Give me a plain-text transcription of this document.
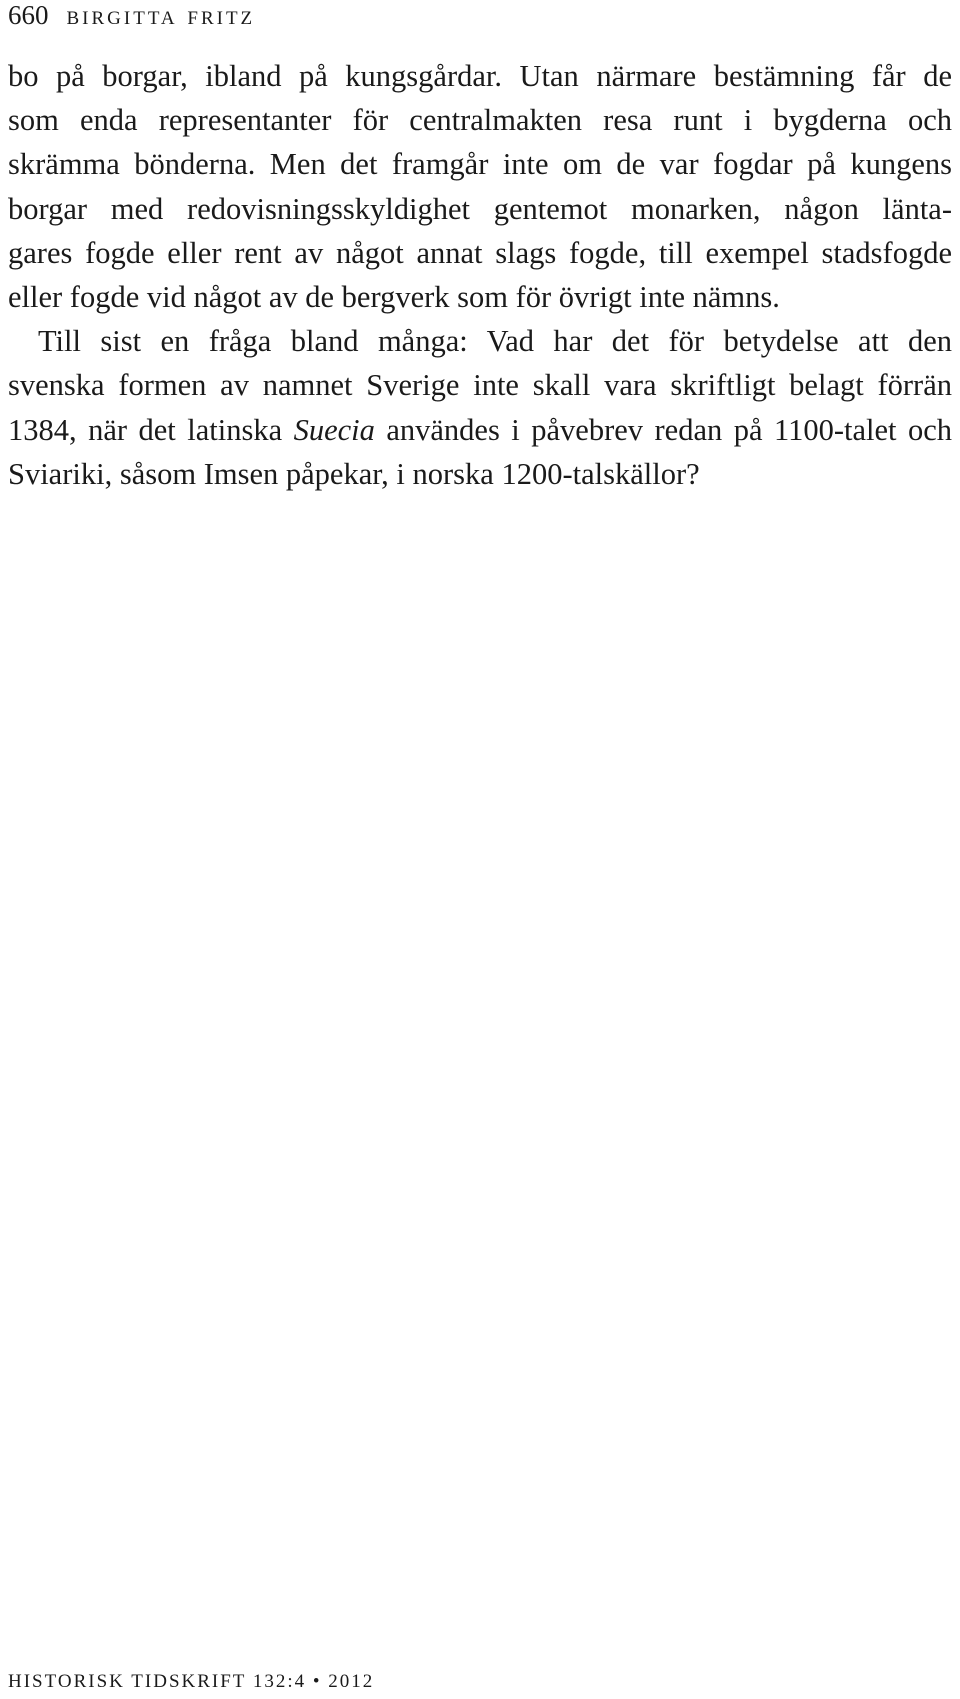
660 birgitta fritz
bo på borgar, ibland på kungsgårdar. Utan närmare bestämning får de
som enda representanter för centralmakten resa runt i bygderna och
skrämma bönderna. Men det framgår inte om de var fogdar på kungens
borgar med redovisningsskyldighet gentemot monarken, någon länta-
gares fogde eller rent av något annat slags fogde, till exempel stadsfogde
eller fogde vid något av de bergverk som för övrigt inte nämns.
Till sist en fråga bland många: Vad har det för betydelse att den
svenska formen av namnet Sverige inte skall vara skriftligt belagt förrän
1384, när det latinska Suecia användes i påvebrev redan på 1100-talet och
Sviariki, såsom Imsen påpekar, i norska 1200-talskällor?
HISTORISK TIDSKRIFT 132:4 • 2012
